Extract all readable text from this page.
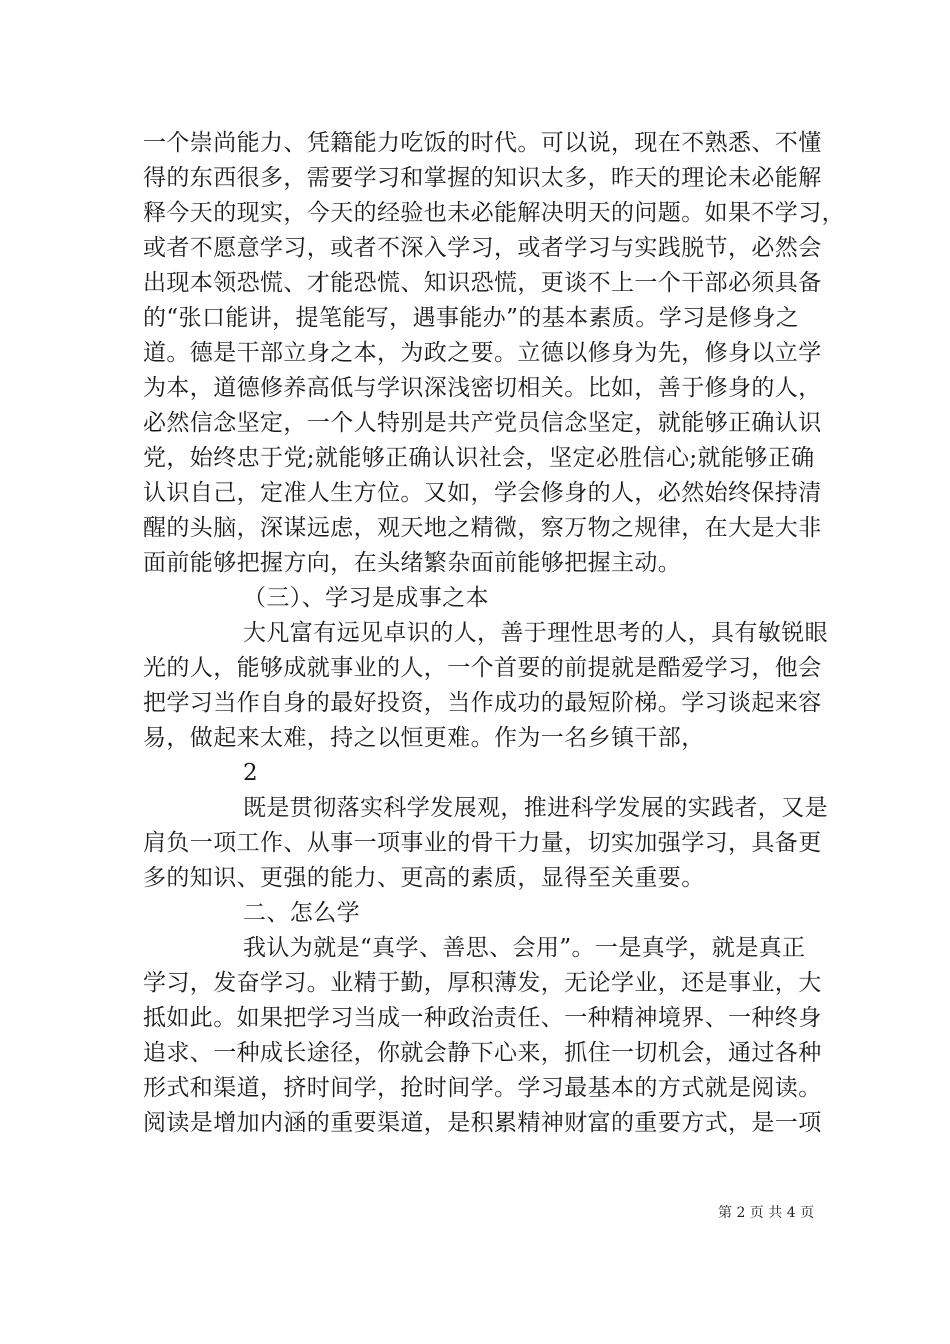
一个崇尚能力、凭籍能力吃饭的时代。可以说，现在不熟悉、不懂
得的东西很多，需要学习和掌握的知识太多，昨天的理论未必能解
释今天的现实，今天的经验也未必能解决明天的问题。如果不学习，
或者不愿意学习，或者不深入学习，或者学习与实践脱节，必然会
出现本领恐慌、才能恐慌、知识恐慌，更谈不上一个干部必须具备
的“张口能讲，提笔能写，遇事能办”的基本素质。学习是修身之
道。德是干部立身之本，为政之要。立德以修身为先，修身以立学
为本，道德修养高低与学识深浅密切相关。比如，善于修身的人，
必然信念坚定，一个人特别是共产党员信念坚定，就能够正确认识
党，始终忠于党;就能够正确认识社会，坚定必胜信心;就能够正确
认识自己，定准人生方位。又如，学会修身的人，必然始终保持清
醒的头脑，深谋远虑，观天地之精微，察万物之规律，在大是大非
面前能够把握方向，在头绪繁杂面前能够把握主动。
（三）、学习是成事之本
大凡富有远见卓识的人，善于理性思考的人，具有敏锐眼
光的人，能够成就事业的人，一个首要的前提就是酷爱学习，他会
把学习当作自身的最好投资，当作成功的最短阶梯。学习谈起来容
易，做起来太难，持之以恒更难。作为一名乡镇干部，
2
既是贯彻落实科学发展观，推进科学发展的实践者，又是
肩负一项工作、从事一项事业的骨干力量，切实加强学习，具备更
多的知识、更强的能力、更高的素质，显得至关重要。
二、怎么学
我认为就是“真学、善思、会用”。一是真学，就是真正
学习，发奋学习。业精于勤，厚积薄发，无论学业，还是事业，大
抵如此。如果把学习当成一种政治责任、一种精神境界、一种终身
追求、一种成长途径，你就会静下心来，抓住一切机会，通过各种
形式和渠道，挤时间学，抢时间学。学习最基本的方式就是阅读。
阅读是增加内涵的重要渠道，是积累精神财富的重要方式，是一项
第 2 页 共 4 页
